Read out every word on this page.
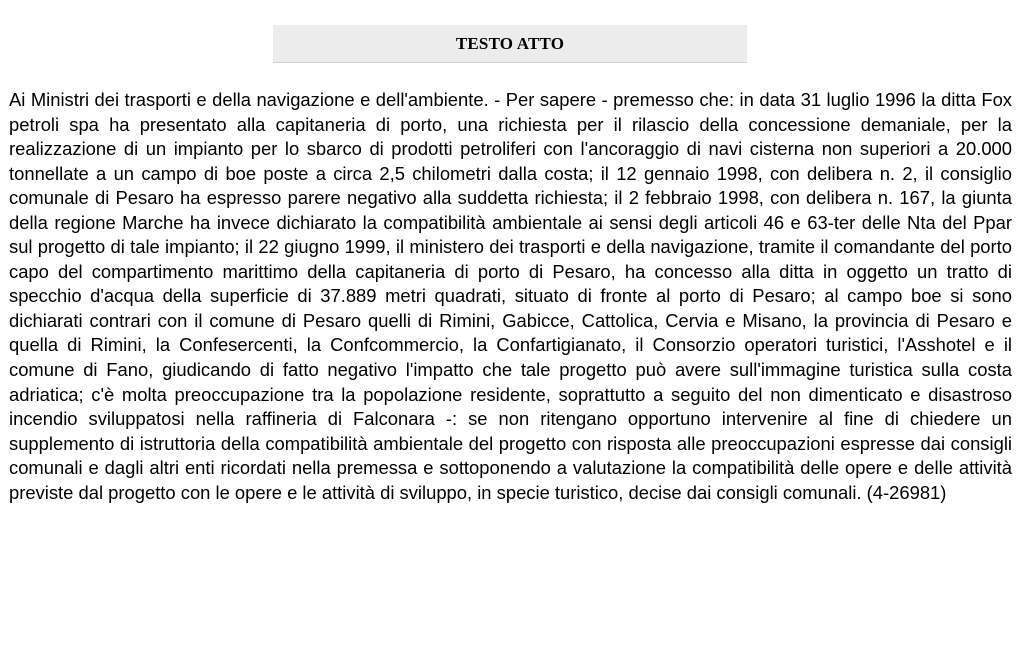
TESTO ATTO

Ai Ministri dei trasporti e della navigazione e dell'ambiente. - Per sapere - premesso che: in data 31 luglio 1996 la ditta Fox petroli spa ha presentato alla capitaneria di porto, una richiesta per il rilascio della concessione demaniale, per la realizzazione di un impianto per lo sbarco di prodotti petroliferi con l'ancoraggio di navi cisterna non superiori a 20.000 tonnellate a un campo di boe poste a circa 2,5 chilometri dalla costa; il 12 gennaio 1998, con delibera n. 2, il consiglio comunale di Pesaro ha espresso parere negativo alla suddetta richiesta; il 2 febbraio 1998, con delibera n. 167, la giunta della regione Marche ha invece dichiarato la compatibilità ambientale ai sensi degli articoli 46 e 63-ter delle Nta del Ppar sul progetto di tale impianto; il 22 giugno 1999, il ministero dei trasporti e della navigazione, tramite il comandante del porto capo del compartimento marittimo della capitaneria di porto di Pesaro, ha concesso alla ditta in oggetto un tratto di specchio d'acqua della superficie di 37.889 metri quadrati, situato di fronte al porto di Pesaro; al campo boe si sono dichiarati contrari con il comune di Pesaro quelli di Rimini, Gabicce, Cattolica, Cervia e Misano, la provincia di Pesaro e quella di Rimini, la Confesercenti, la Confcommercio, la Confartigianato, il Consorzio operatori turistici, l'Asshotel e il comune di Fano, giudicando di fatto negativo l'impatto che tale progetto può avere sull'immagine turistica sulla costa adriatica; c'è molta preoccupazione tra la popolazione residente, soprattutto a seguito del non dimenticato e disastroso incendio sviluppatosi nella raffineria di Falconara -: se non ritengano opportuno intervenire al fine di chiedere un supplemento di istruttoria della compatibilità ambientale del progetto con risposta alle preoccupazioni espresse dai consigli comunali e dagli altri enti ricordati nella premessa e sottoponendo a valutazione la compatibilità delle opere e delle attività previste dal progetto con le opere e le attività di sviluppo, in specie turistico, decise dai consigli comunali. (4-26981)
